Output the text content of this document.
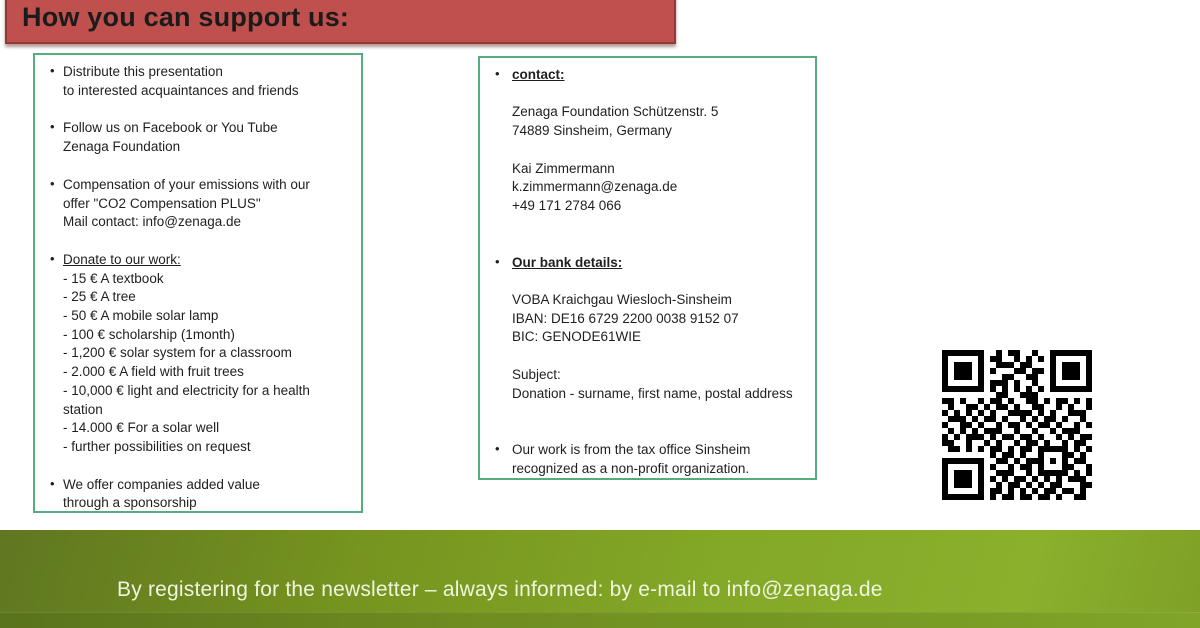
How you can support us:
• Distribute this presentation
to interested acquaintances and friends
• Follow us on Facebook or You Tube
Zenaga Foundation
• Compensation of your emissions with our
offer "CO2 Compensation PLUS"
Mail contact: info@zenaga.de
• Donate to our work:
- 15 € A textbook
- 25 € A tree
- 50 € A mobile solar lamp
- 100 € scholarship (1month)
- 1,200 € solar system for a classroom
- 2.000 € A field with fruit trees
- 10,000 € light and electricity for a health
station
- 14.000 € For a solar well
- further possibilities on request
• We offer companies added value
through a sponsorship
• contact:

Zenaga Foundation Schützenstr. 5
74889 Sinsheim, Germany

Kai Zimmermann
k.zimmermann@zenaga.de
+49 171 2784 066
• Our bank details:

VOBA Kraichgau Wiesloch-Sinsheim
IBAN: DE16 6729 2200 0038 9152 07
BIC: GENODE61WIE

Subject:
Donation - surname, first name, postal address
• Our work is from the tax office Sinsheim
recognized as a non-profit organization.
By registering for the newsletter – always informed: by e-mail to info@zenaga.de
